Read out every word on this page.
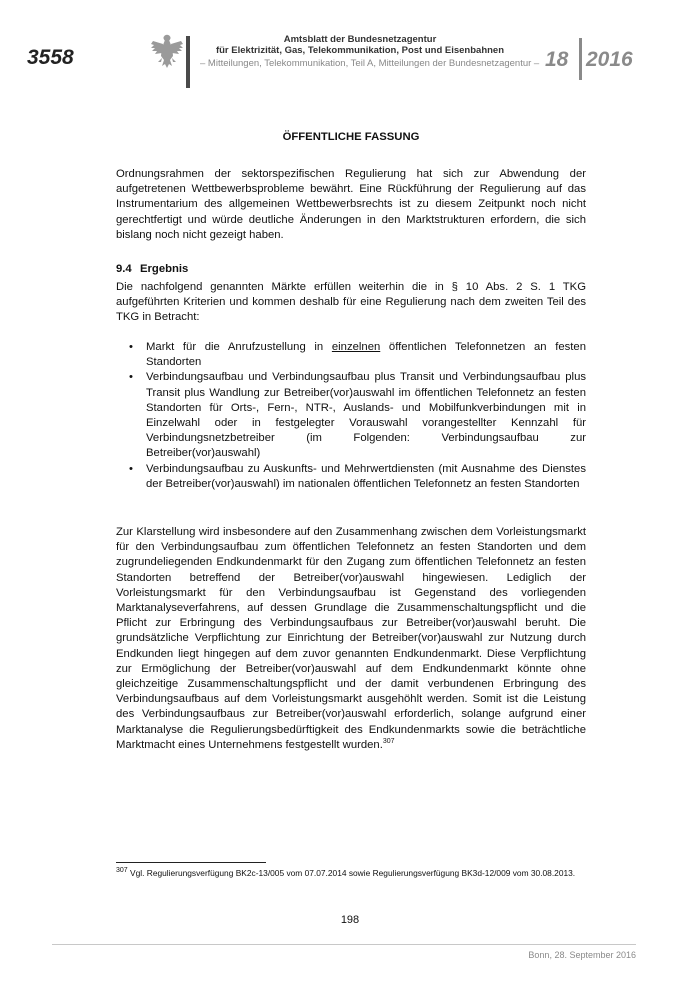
3558
Amtsblatt der Bundesnetzagentur
für Elektrizität, Gas, Telekommunikation, Post und Eisenbahnen
– Mitteilungen, Telekommunikation, Teil A, Mitteilungen der Bundesnetzagentur – 18 2016
ÖFFENTLICHE FASSUNG
Ordnungsrahmen der sektorspezifischen Regulierung hat sich zur Abwendung der aufgetretenen Wettbewerbsprobleme bewährt. Eine Rückführung der Regulierung auf das Instrumentarium des allgemeinen Wettbewerbsrechts ist zu diesem Zeitpunkt noch nicht gerechtfertigt und würde deutliche Änderungen in den Marktstrukturen erfordern, die sich bislang noch nicht gezeigt haben.
9.4 Ergebnis
Die nachfolgend genannten Märkte erfüllen weiterhin die in § 10 Abs. 2 S. 1 TKG aufgeführten Kriterien und kommen deshalb für eine Regulierung nach dem zweiten Teil des TKG in Betracht:
• Markt für die Anrufzustellung in einzelnen öffentlichen Telefonnetzen an festen Standorten
• Verbindungsaufbau und Verbindungsaufbau plus Transit und Verbindungsaufbau plus Transit plus Wandlung zur Betreiber(vor)auswahl im öffentlichen Telefonnetz an festen Standorten für Orts-, Fern-, NTR-, Auslands- und Mobilfunkverbindungen mit in Einzelwahl oder in festgelegter Vorauswahl vorangestellter Kennzahl für Verbindungsnetzbetreiber (im Folgenden: Verbindungsaufbau zur Betreiber(vor)auswahl)
• Verbindungsaufbau zu Auskunfts- und Mehrwertdiensten (mit Ausnahme des Dienstes der Betreiber(vor)auswahl) im nationalen öffentlichen Telefonnetz an festen Standorten
Zur Klarstellung wird insbesondere auf den Zusammenhang zwischen dem Vorleistungsmarkt für den Verbindungsaufbau zum öffentlichen Telefonnetz an festen Standorten und dem zugrundeliegenden Endkundenmarkt für den Zugang zum öffentlichen Telefonnetz an festen Standorten betreffend der Betreiber(vor)auswahl hingewiesen. Lediglich der Vorleistungsmarkt für den Verbindungsaufbau ist Gegenstand des vorliegenden Marktanalyseverfahrens, auf dessen Grundlage die Zusammenschaltungspflicht und die Pflicht zur Erbringung des Verbindungsaufbaus zur Betreiber(vor)auswahl beruht. Die grundsätzliche Verpflichtung zur Einrichtung der Betreiber(vor)auswahl zur Nutzung durch Endkunden liegt hingegen auf dem zuvor genannten Endkundenmarkt. Diese Verpflichtung zur Ermöglichung der Betreiber(vor)auswahl auf dem Endkundenmarkt könnte ohne gleichzeitige Zusammenschaltungspflicht und der damit verbundenen Erbringung des Verbindungsaufbaus auf dem Vorleistungsmarkt ausgehöhlt werden. Somit ist die Leistung des Verbindungsaufbaus zur Betreiber(vor)auswahl erforderlich, solange aufgrund einer Marktanalyse die Regulierungsbedürftigkeit des Endkundenmarkts sowie die beträchtliche Marktmacht eines Unternehmens festgestellt wurden.$^{307}$
$^{307}$ Vgl. Regulierungsverfügung BK2c-13/005 vom 07.07.2014 sowie Regulierungsverfügung BK3d-12/009 vom 30.08.2013.
198
Bonn, 28. September 2016
